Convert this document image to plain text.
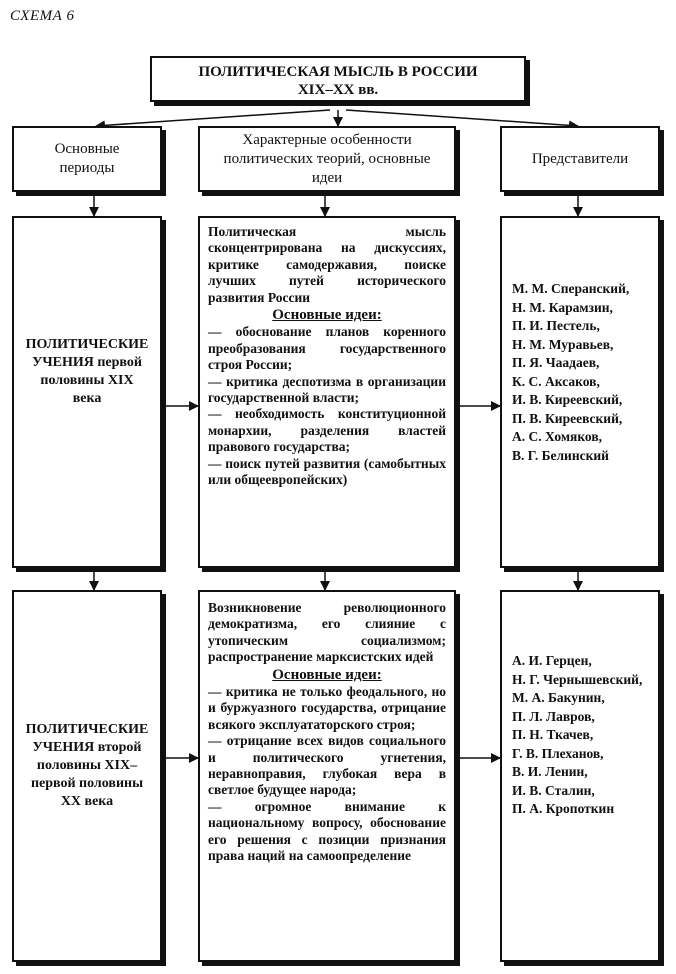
СХЕМА 6
ПОЛИТИЧЕСКАЯ МЫСЛЬ В РОССИИ
XIX–XX вв.
Основные периоды
Характерные особенности политических теорий, основные идеи
Представители
ПОЛИТИЧЕСКИЕ УЧЕНИЯ первой половины XIX века

Политическая мысль сконцентрирована на дискуссиях, критике самодержавия, поиске лучших путей исторического развития России

Основные идеи:

— обоснование планов коренного преобразования государственного строя России;

— критика деспотизма в организации государственной власти;

— необходимость конституционной монархии, разделения властей правового государства;

— поиск путей развития (самобытных или общеевропейских)

М. М. Сперанский,
Н. М. Карамзин,
П. И. Пестель,
Н. М. Муравьев,
П. Я. Чаадаев,
К. С. Аксаков,
И. В. Киреевский,
П. В. Киреевский,
А. С. Хомяков,
В. Г. Белинский
ПОЛИТИЧЕСКИЕ УЧЕНИЯ второй половины XIX– первой половины XX века

Возникновение революционного демократизма, его слияние с утопическим социализмом; распространение марксистских идей

Основные идеи:

— критика не только феодального, но и буржуазного государства, отрицание всякого эксплуататорского строя;

— отрицание всех видов социального и политического угнетения, неравноправия, глубокая вера в светлое будущее народа;

— огромное внимание к национальному вопросу, обоснование его решения с позиции признания права наций на самоопределение

А. И. Герцен,
Н. Г. Чернышевский,
М. А. Бакунин,
П. Л. Лавров,
П. Н. Ткачев,
Г. В. Плеханов,
В. И. Ленин,
И. В. Сталин,
П. А. Кропоткин
